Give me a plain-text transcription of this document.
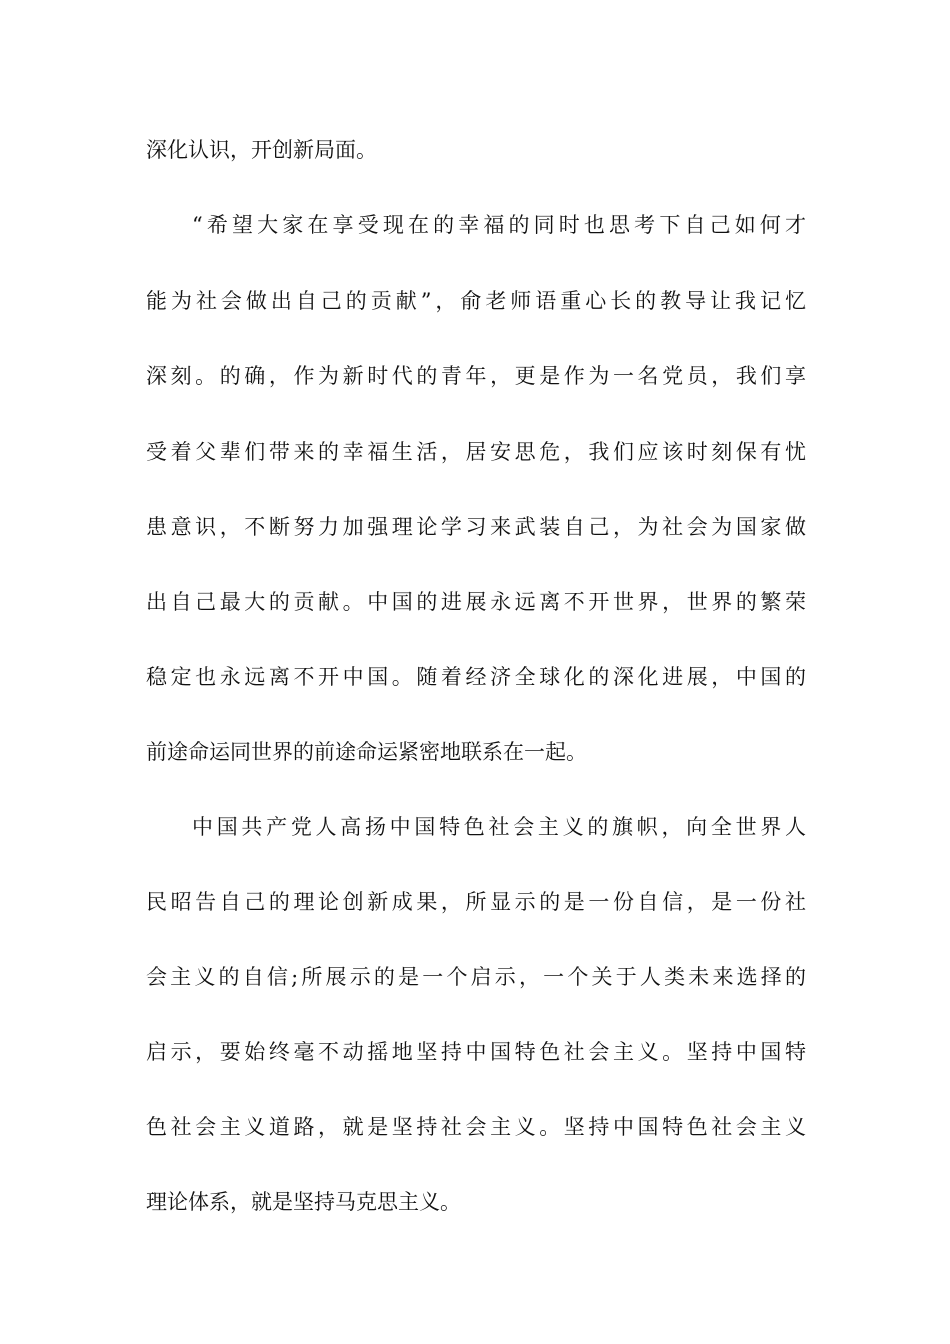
深化认识，开创新局面。
“希望大家在享受现在的幸福的同时也思考下自己如何才
能为社会做出自己的贡献”，俞老师语重心长的教导让我记忆
深刻。的确，作为新时代的青年，更是作为一名党员，我们享
受着父辈们带来的幸福生活，居安思危，我们应该时刻保有忧
患意识，不断努力加强理论学习来武装自己，为社会为国家做
出自己最大的贡献。中国的进展永远离不开世界，世界的繁荣
稳定也永远离不开中国。随着经济全球化的深化进展，中国的
前途命运同世界的前途命运紧密地联系在一起。
中国共产党人高扬中国特色社会主义的旗帜，向全世界人
民昭告自己的理论创新成果，所显示的是一份自信，是一份社
会主义的自信;所展示的是一个启示，一个关于人类未来选择的
启示，要始终毫不动摇地坚持中国特色社会主义。坚持中国特
色社会主义道路，就是坚持社会主义。坚持中国特色社会主义
理论体系，就是坚持马克思主义。
